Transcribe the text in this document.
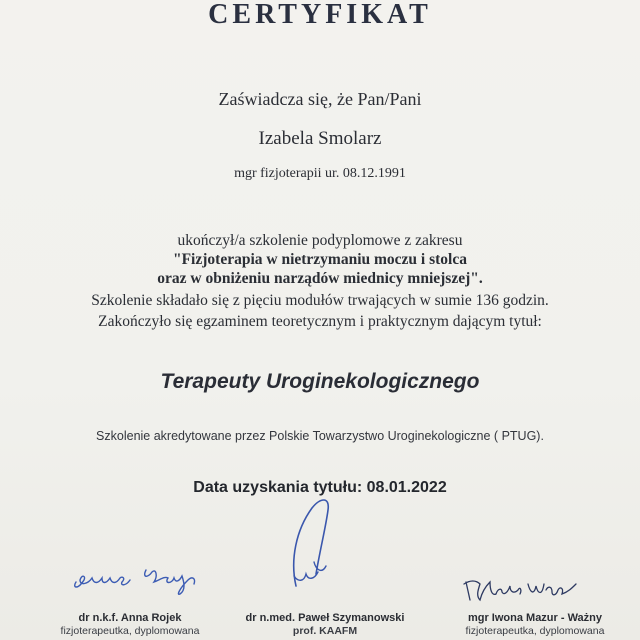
CERTYFIKAT
Zaświadcza się, że Pan/Pani
Izabela Smolarz
mgr fizjoterapii ur. 08.12.1991
ukończył/a szkolenie podyplomowe z zakresu
"Fizjoterapia w nietrzymaniu moczu i stolca
oraz w obniżeniu narządów miednicy mniejszej".
Szkolenie składało się z pięciu modułów trwających w sumie 136 godzin.
Zakończyło się egzaminem teoretycznym i praktycznym dającym tytuł:
Terapeuty Uroginekologicznego
Szkolenie akredytowane przez Polskie Towarzystwo Uroginekologiczne ( PTUG).
Data uzyskania tytułu: 08.01.2022
dr n.k.f. Anna Rojek
fizjoterapeutka, dyplomowana
dr n.med. Paweł Szymanowski
prof. KAAFM
mgr Iwona Mazur - Ważny
fizjoterapeutka, dyplomowana
